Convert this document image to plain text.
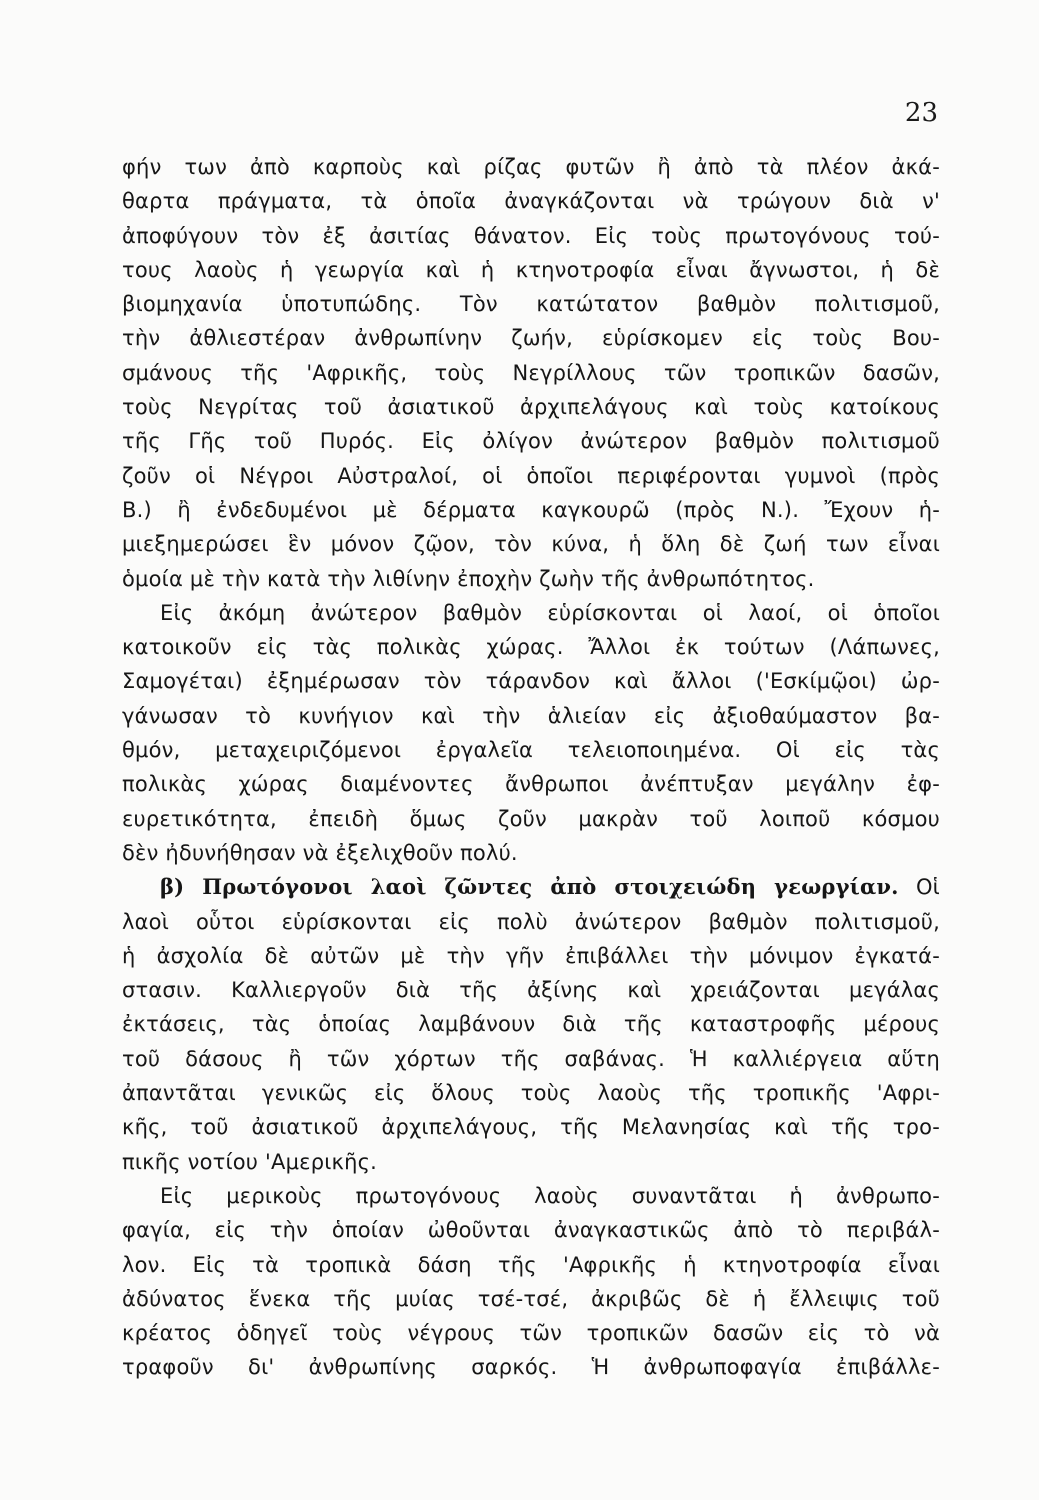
23
φήν των ἀπὸ καρποὺς καὶ ρίζας φυτῶν ἢ ἀπὸ τὰ πλέον ἀκά-
θαρτα πράγματα, τὰ ὁποῖα ἀναγκάζονται νὰ τρώγουν διὰ ν'
ἀποφύγουν τὸν ἐξ ἀσιτίας θάνατον. Εἰς τοὺς πρωτογόνους τού-
τους λαοὺς ἡ γεωργία καὶ ἡ κτηνοτροφία εἶναι ἄγνωστοι, ἡ δὲ
βιομηχανία ὑποτυπώδης. Τὸν κατώτατον βαθμὸν πολιτισμοῦ,
τὴν ἀθλιεστέραν ἀνθρωπίνην ζωήν, εὑρίσκομεν εἰς τοὺς Βου-
σμάνους τῆς 'Αφρικῆς, τοὺς Νεγρίλλους τῶν τροπικῶν δασῶν,
τοὺς Νεγρίτας τοῦ ἀσιατικοῦ ἀρχιπελάγους καὶ τοὺς κατοίκους
τῆς Γῆς τοῦ Πυρός. Εἰς ὀλίγον ἀνώτερον βαθμὸν πολιτισμοῦ
ζοῦν οἱ Νέγροι Αὐστραλοί, οἱ ὁποῖοι περιφέρονται γυμνοὶ (πρὸς
Β.) ἢ ἐνδεδυμένοι μὲ δέρματα καγκουρῶ (πρὸς Ν.). Ἔχουν ἡ-
μιεξημερώσει ἓν μόνον ζῷον, τὸν κύνα, ἡ ὅλη δὲ ζωή των εἶναι
ὁμοία μὲ τὴν κατὰ τὴν λιθίνην ἐποχὴν ζωὴν τῆς ἀνθρωπότητος.
Εἰς ἀκόμη ἀνώτερον βαθμὸν εὑρίσκονται οἱ λαοί, οἱ ὁποῖοι
κατοικοῦν εἰς τὰς πολικὰς χώρας. Ἄλλοι ἐκ τούτων (Λάπωνες,
Σαμογέται) ἐξημέρωσαν τὸν τάρανδον καὶ ἄλλοι ('Εσκίμῷοι) ὠρ-
γάνωσαν τὸ κυνήγιον καὶ τὴν ἁλιείαν εἰς ἀξιοθαύμαστον βα-
θμόν, μεταχειριζόμενοι ἐργαλεῖα τελειοποιημένα. Οἱ εἰς τὰς
πολικὰς χώρας διαμένοντες ἄνθρωποι ἀνέπτυξαν μεγάλην ἐφ-
ευρετικότητα, ἐπειδὴ ὅμως ζοῦν μακρὰν τοῦ λοιποῦ κόσμου
δὲν ἠδυνήθησαν νὰ ἐξελιχθοῦν πολύ.
β) Πρωτόγονοι λαοὶ ζῶντες ἀπὸ στοιχειώδη γεωργίαν. Οἱ
λαοὶ οὗτοι εὑρίσκονται εἰς πολὺ ἀνώτερον βαθμὸν πολιτισμοῦ,
ἡ ἀσχολία δὲ αὐτῶν μὲ τὴν γῆν ἐπιβάλλει τὴν μόνιμον ἐγκατά-
στασιν. Καλλιεργοῦν διὰ τῆς ἀξίνης καὶ χρειάζονται μεγάλας
ἐκτάσεις, τὰς ὁποίας λαμβάνουν διὰ τῆς καταστροφῆς μέρους
τοῦ δάσους ἢ τῶν χόρτων τῆς σαβάνας. Ἡ καλλιέργεια αὕτη
ἀπαντᾶται γενικῶς εἰς ὅλους τοὺς λαοὺς τῆς τροπικῆς 'Αφρι-
κῆς, τοῦ ἀσιατικοῦ ἀρχιπελάγους, τῆς Μελανησίας καὶ τῆς τρο-
πικῆς νοτίου 'Αμερικῆς.
Εἰς μερικοὺς πρωτογόνους λαοὺς συναντᾶται ἡ ἀνθρωπο-
φαγία, εἰς τὴν ὁποίαν ὠθοῦνται ἀναγκαστικῶς ἀπὸ τὸ περιβάλ-
λον. Εἰς τὰ τροπικὰ δάση τῆς 'Αφρικῆς ἡ κτηνοτροφία εἶναι
ἀδύνατος ἕνεκα τῆς μυίας τσέ-τσέ, ἀκριβῶς δὲ ἡ ἔλλειψις τοῦ
κρέατος ὁδηγεῖ τοὺς νέγρους τῶν τροπικῶν δασῶν εἰς τὸ νὰ
τραφοῦν δι' ἀνθρωπίνης σαρκός. Ἡ ἀνθρωποφαγία ἐπιβάλλε-
